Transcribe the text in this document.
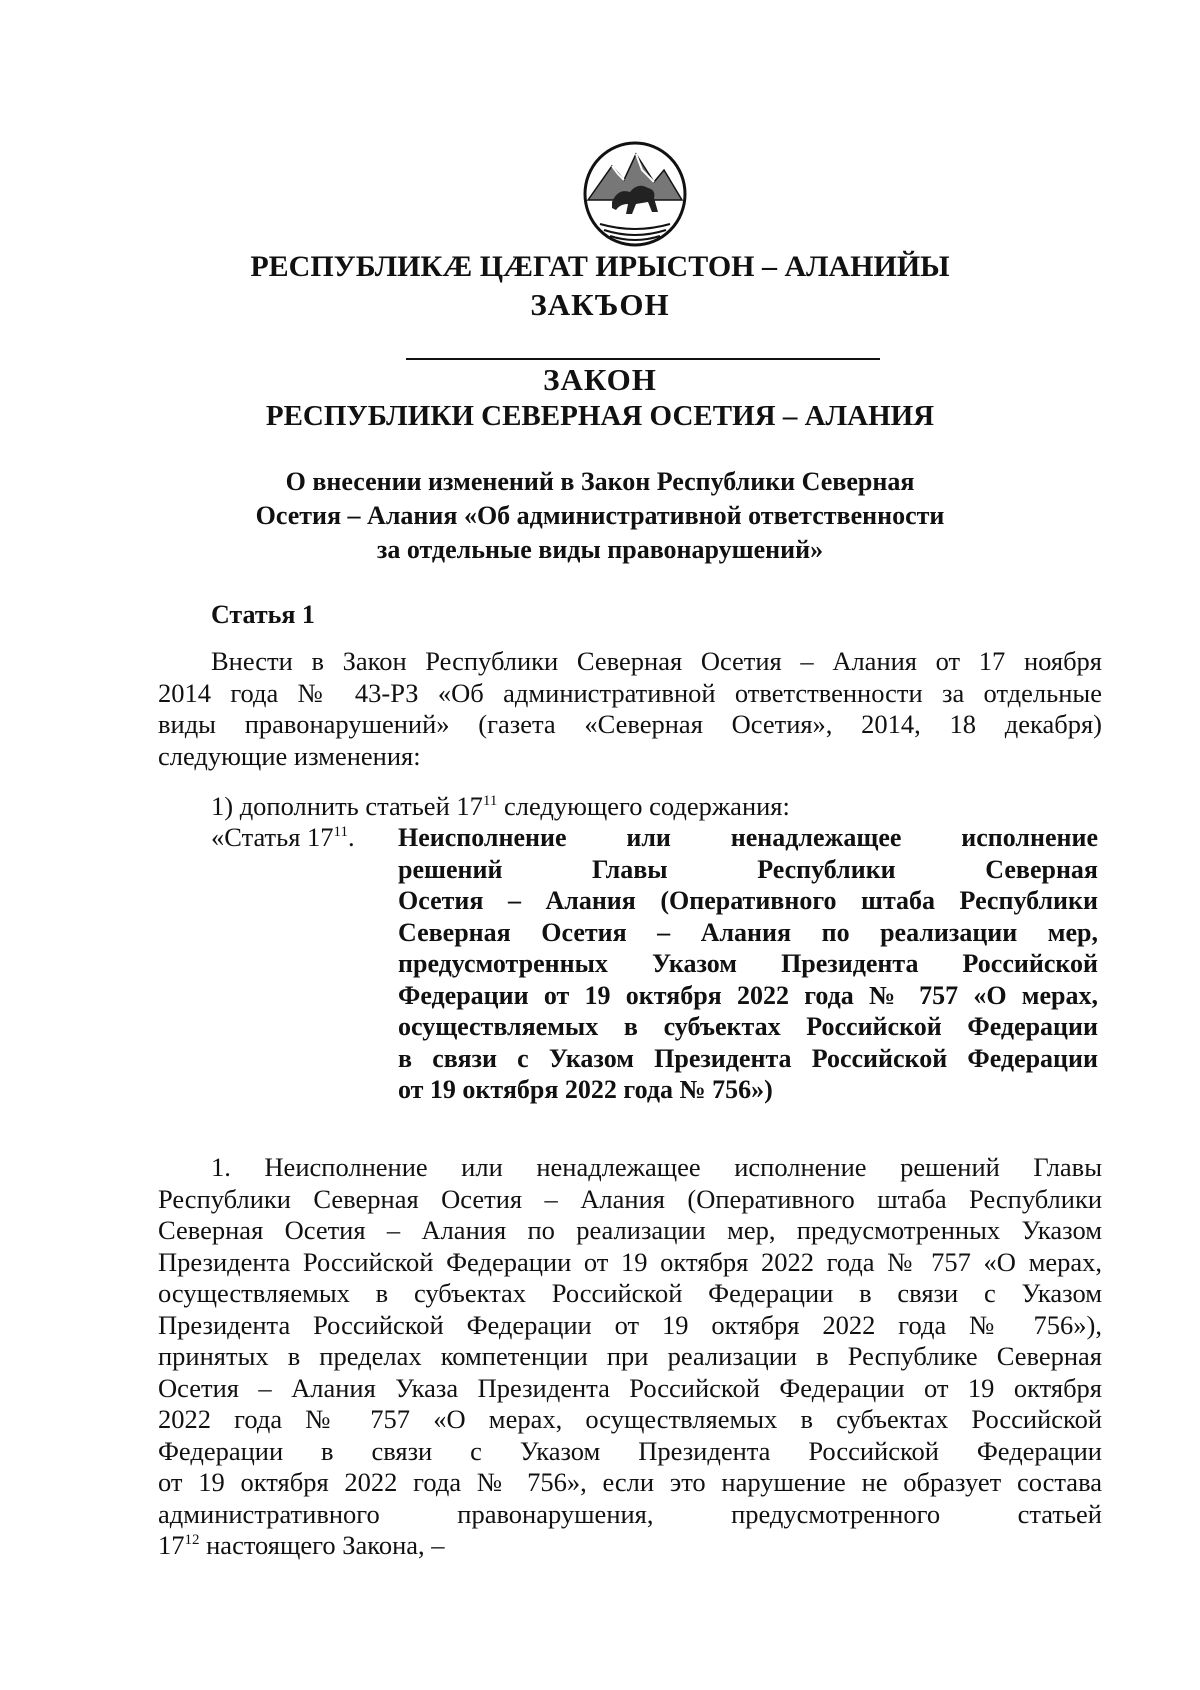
РЕСПУБЛИКӔ ЦӔГАТ ИРЫСТОН – АЛАНИЙЫ
ЗАКЪОН
ЗАКОН
РЕСПУБЛИКИ СЕВЕРНАЯ ОСЕТИЯ – АЛАНИЯ
О внесении изменений в Закон Республики Северная
Осетия – Алания «Об административной ответственности
за отдельные виды правонарушений»
Статья 1
Внести в Закон Республики Северная Осетия – Алания от 17 ноября
2014 года № 43-РЗ «Об административной ответственности за отдельные
виды правонарушений» (газета «Северная Осетия», 2014, 18 декабря)
следующие изменения:
1) дополнить статьей $17^{11}$ следующего содержания:
«Статья $17^{11}$. Неисполнение или ненадлежащее исполнение
решений Главы Республики Северная
Осетия – Алания (Оперативного штаба Республики
Северная Осетия – Алания по реализации мер,
предусмотренных Указом Президента Российской
Федерации от 19 октября 2022 года № 757 «О мерах,
осуществляемых в субъектах Российской Федерации
в связи с Указом Президента Российской Федерации
от 19 октября 2022 года № 756»)
1. Неисполнение или ненадлежащее исполнение решений Главы
Республики Северная Осетия – Алания (Оперативного штаба Республики
Северная Осетия – Алания по реализации мер, предусмотренных Указом
Президента Российской Федерации от 19 октября 2022 года № 757 «О мерах,
осуществляемых в субъектах Российской Федерации в связи с Указом
Президента Российской Федерации от 19 октября 2022 года № 756»),
принятых в пределах компетенции при реализации в Республике Северная
Осетия – Алания Указа Президента Российской Федерации от 19 октября
2022 года № 757 «О мерах, осуществляемых в субъектах Российской
Федерации в связи с Указом Президента Российской Федерации
от 19 октября 2022 года № 756», если это нарушение не образует состава
административного правонарушения, предусмотренного статьей
$17^{12}$ настоящего Закона, –
